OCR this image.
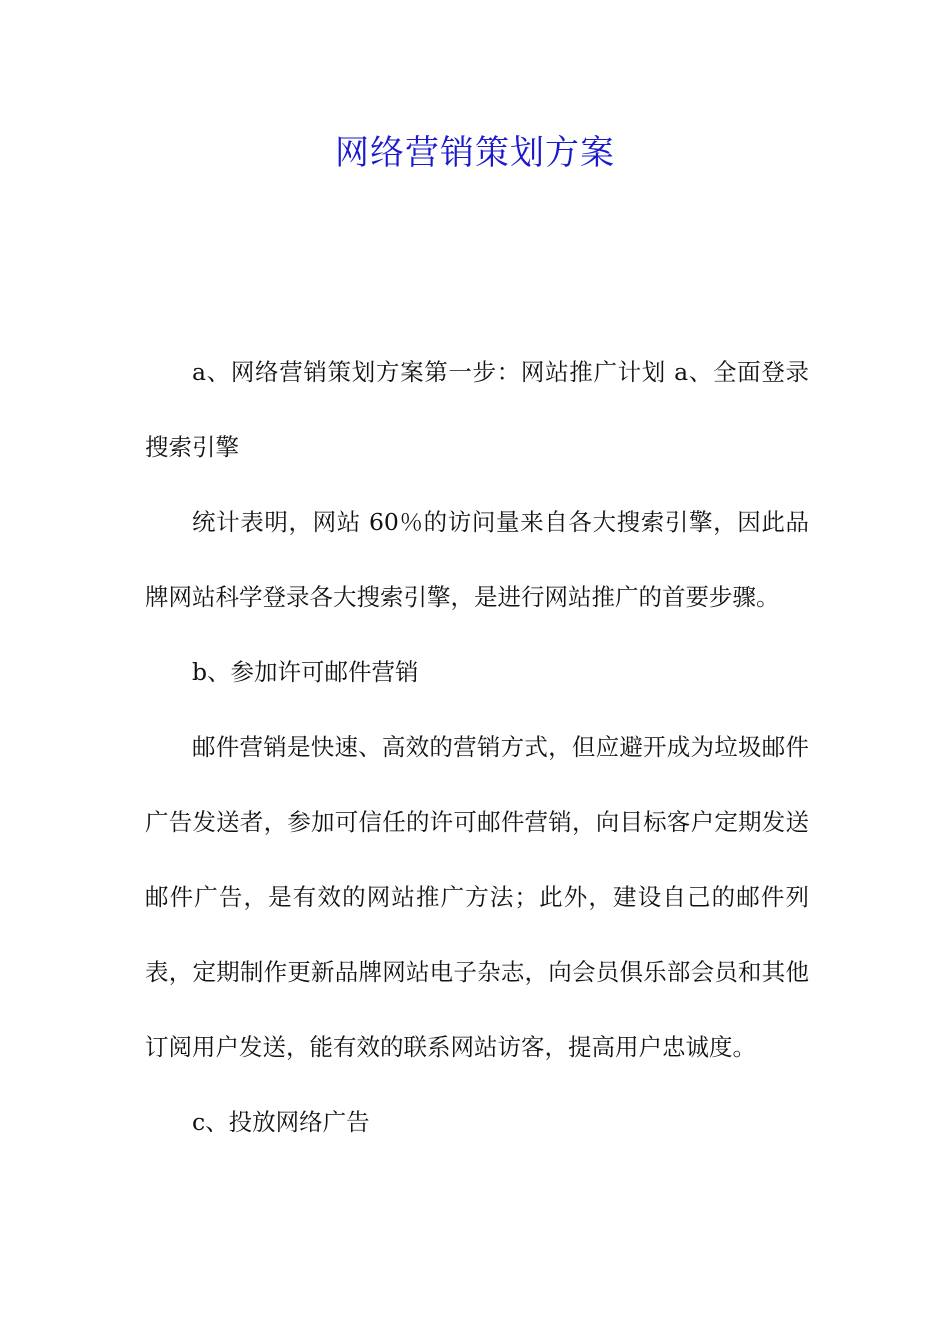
网络营销策划方案

a、网络营销策划方案第一步：网站推广计划 a、全面登录搜索引擎

统计表明，网站 60％的访问量来自各大搜索引擎，因此品牌网站科学登录各大搜索引擎，是进行网站推广的首要步骤。

b、参加许可邮件营销

邮件营销是快速、高效的营销方式，但应避开成为垃圾邮件广告发送者，参加可信任的许可邮件营销，向目标客户定期发送邮件广告，是有效的网站推广方法；此外，建设自己的邮件列表，定期制作更新品牌网站电子杂志，向会员俱乐部会员和其他订阅用户发送，能有效的联系网站访客，提高用户忠诚度。

c、投放网络广告
